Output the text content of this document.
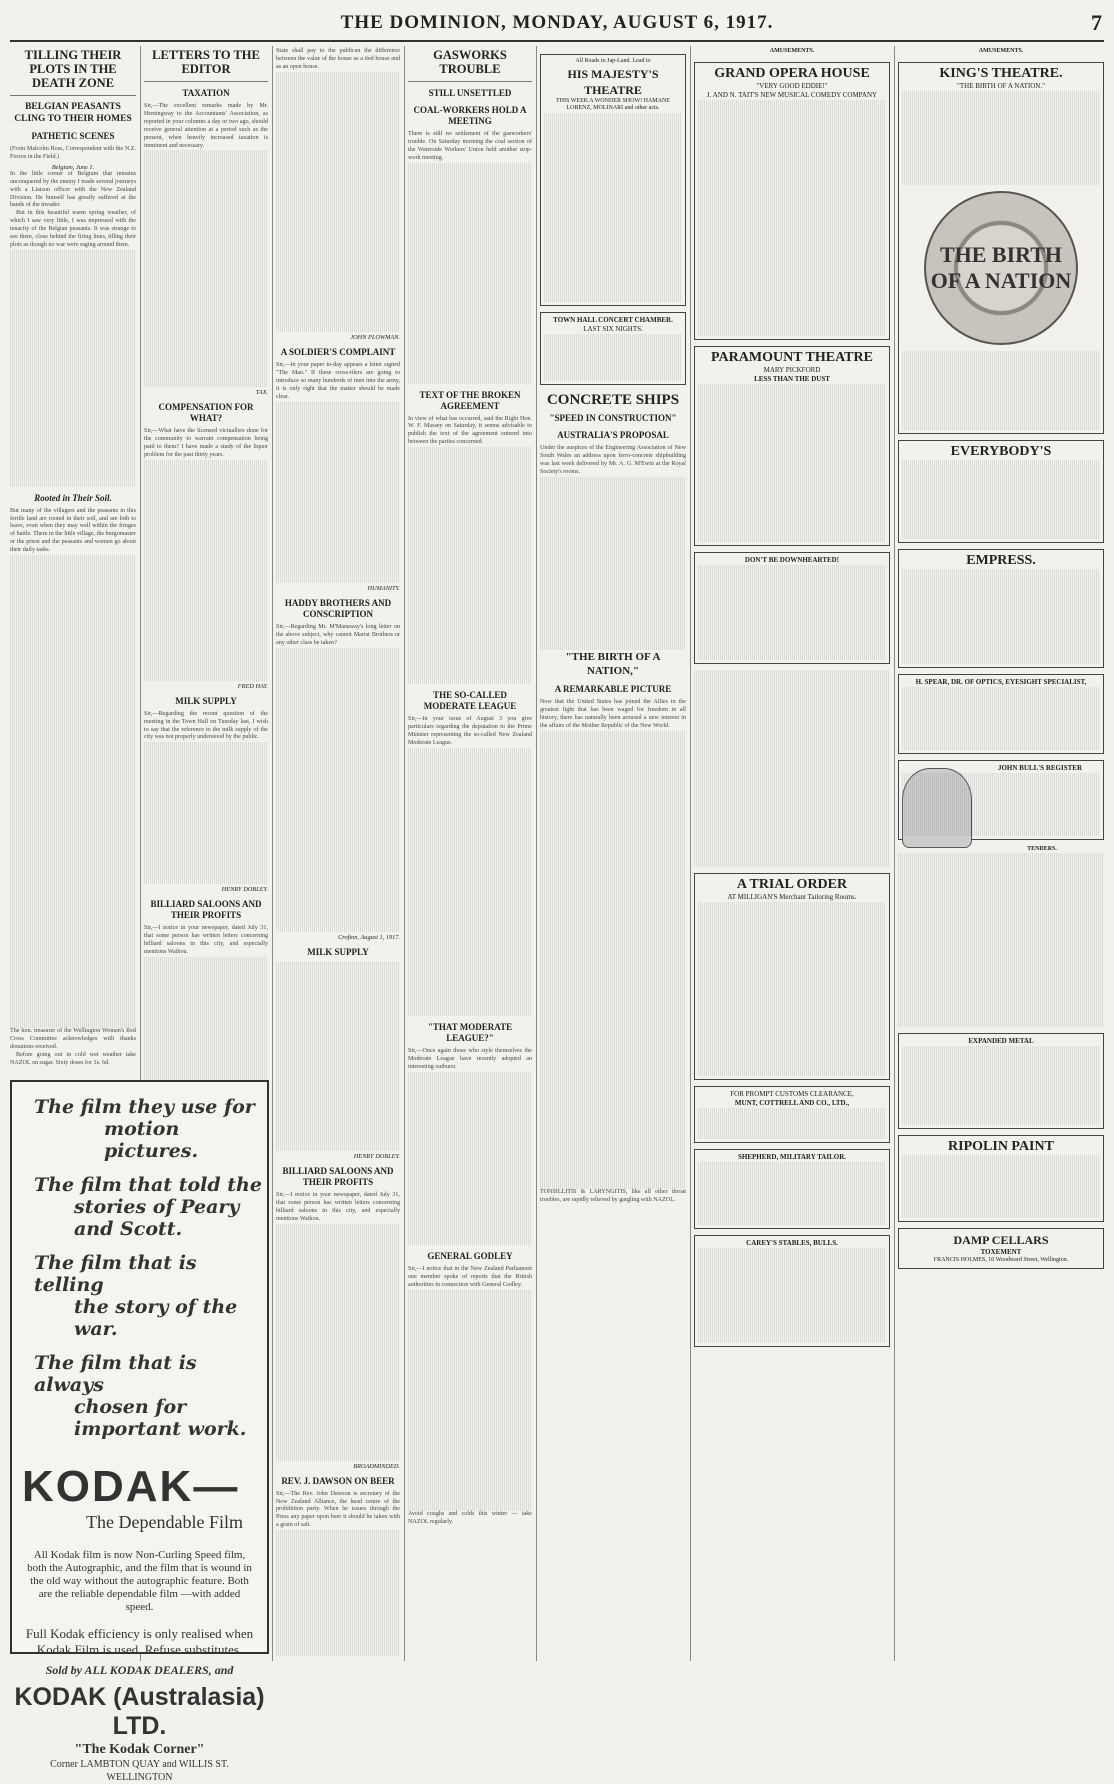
THE DOMINION, MONDAY, AUGUST 6, 1917.	7
TILLING THEIR PLOTS IN THE DEATH ZONE
BELGIAN PEASANTS CLING TO THEIR HOMES
PATHETIC SCENES

(From Malcolm Ross, Correspondent with the N.Z. Forces in the Field.)

Belgium, June 1.

In the little corner of Belgium that remains unconquered by the enemy I made several journeys with a Liaison officer with the New Zealand Division. He himself has greatly suffered at the hands of the invader.

But in this beautiful warm spring weather, of which I saw very little, I was impressed with the tenacity of the Belgian peasants. It was strange to see them, close behind the firing lines, tilling their plots as though no war were raging around them.

Rooted in Their Soil.

But many of the villagers and the peasants in this fertile land are rooted in their soil, and are loth to leave, even when they may well within the fringes of battle. There in the little village, the burgomaster or the priest and the peasants and women go about their daily tasks.

The hon. treasurer of the Wellington Women's Red Cross Committee acknowledges with thanks donations received.

Before going out in cold wet weather take NAZOL on sugar. Sixty doses for 1s. 6d.

LETTERS TO THE EDITOR
TAXATION

Sir,—The excellent remarks made by Mr. Hemingway to the Accountants' Association, as reported in your columns a day or two ago, should receive general attention at a period such as the present, when heavily increased taxation is imminent and necessary.

TAX.

COMPENSATION FOR WHAT?

Sir,—What have the licensed victuallers done for the community to warrant compensation being paid to them? I have made a study of the liquor problem for the past thirty years.

FRED HAY.

MILK SUPPLY

Sir,—Regarding the recent question of the meeting in the Town Hall on Tuesday last, I wish to say that the reference to the milk supply of the city was not properly understood by the public.

HENRY DOBLEY.

BILLIARD SALOONS AND THEIR PROFITS

Sir,—I notice in your newspaper, dated July 31, that some person has written letters concerning billiard saloons in this city, and especially mentions Waihou.

The film they use for
motion pictures.
The film that told the
stories of Peary and Scott.
The film that is telling
the story of the war.
The film that is always
chosen for important work.
KODAK—
The Dependable Film
All Kodak film is now Non-Curling Speed film, both the Autographic, and the film that is wound in the old way without the autographic feature. Both are the reliable dependable film —with added speed.
Full Kodak efficiency is only realised when Kodak Film is used. Refuse substitutes.
Sold by ALL KODAK DEALERS, and
KODAK (Australasia) LTD.
"The Kodak Corner"
Corner LAMBTON QUAY and WILLIS ST. WELLINGTON

State shall pay to the publican the difference between the value of the house as a tied house and as an open house.

JOHN PLOWMAN.

A SOLDIER'S COMPLAINT

Sir,—In your paper to-day appears a letter signed "The Man." If these cross-tilers are going to introduce so many hundreds of men into the army, it is only right that the matter should be made clear.

HUMANITY.

HADDY BROTHERS AND CONSCRIPTION

Sir,—Regarding Mr. M'Manaway's long letter on the above subject, why cannot Marist Brothers or any other class be taken?

Crofton, August 1, 1917.

MILK SUPPLY

HENRY DOBLEY.

BILLIARD SALOONS AND THEIR PROFITS

Sir,—I notice in your newspaper, dated July 31, that some person has written letters concerning billiard saloons in this city, and especially mentions Waihou.

BROADMINDED.

REV. J. DAWSON ON BEER

Sir,—The Rev. John Dawson is secretary of the New Zealand Alliance, the head centre of the prohibition party. When he issues through the Press any paper upon beer it should be taken with a grain of salt.

GASWORKS TROUBLE
STILL UNSETTLED
COAL-WORKERS HOLD A MEETING

There is still no settlement of the gasworkers' trouble. On Saturday morning the coal section of the Waterside Workers' Union held another stop-work meeting.

TEXT OF THE BROKEN AGREEMENT

In view of what has occurred, said the Right Hon. W. F. Massey on Saturday, it seems advisable to publish the text of the agreement entered into between the parties concerned.

THE SO-CALLED MODERATE LEAGUE

Sir,—In your issue of August 3 you give particulars regarding the deputation to the Prime Minister representing the so-called New Zealand Moderate League.

"THAT MODERATE LEAGUE?"

Sir,—Once again those who style themselves the Moderate League have recently adopted an interesting outburst.

GENERAL GODLEY

Sir,—I notice that in the New Zealand Parliament one member spoke of reports that the British authorities in connection with General Godley.

Avoid coughs and colds this winter — take NAZOL regularly.

All Roads to Jap-Land. Lead to
HIS MAJESTY'S THEATRE
THIS WEEK A WONDER SHOW! HAMANE LORENZ, MOLINARI and other acts.
TOWN HALL CONCERT CHAMBER.
LAST SIX NIGHTS.
CONCRETE SHIPS
"SPEED IN CONSTRUCTION"
AUSTRALIA'S PROPOSAL

Under the auspices of the Engineering Association of New South Wales an address upon ferro-concrete shipbuilding was last week delivered by Mr. A. G. M'Ewin at the Royal Society's rooms.

"THE BIRTH OF A NATION,"
A REMARKABLE PICTURE

Now that the United States has joined the Allies in the greatest fight that has been waged for freedom in all history, there has naturally been aroused a new interest in the affairs of the Mother Republic of the New World.

TONSILLITIS & LARYNGITIS, like all other throat troubles, are rapidly relieved by gargling with NAZOL.

AMUSEMENTS.
GRAND OPERA HOUSE
"VERY GOOD EDDIE!"
J. AND N. TAIT'S NEW MUSICAL COMEDY COMPANY
PARAMOUNT THEATRE
MARY PICKFORD
LESS THAN THE DUST
DON'T BE DOWNHEARTED!
A TRIAL ORDER
AT MILLIGAN'S Merchant Tailoring Rooms.
FOR PROMPT CUSTOMS CLEARANCE,
MUNT, COTTRELL AND CO., LTD.,
SHEPHERD, MILITARY TAILOR.
CAREY'S STABLES, BULLS.
AMUSEMENTS.
KING'S THEATRE.
"THE BIRTH OF A NATION."
THE BIRTH OF A NATION
EVERYBODY'S
EMPRESS.
H. SPEAR, DR. OF OPTICS, EYESIGHT SPECIALIST,
JOHN BULL'S REGISTER
TENDERS.
EXPANDED METAL
RIPOLIN PAINT
DAMP CELLARS
TOXEMENT
FRANCIS HOLMES, 10 Woodward Street, Wellington.
